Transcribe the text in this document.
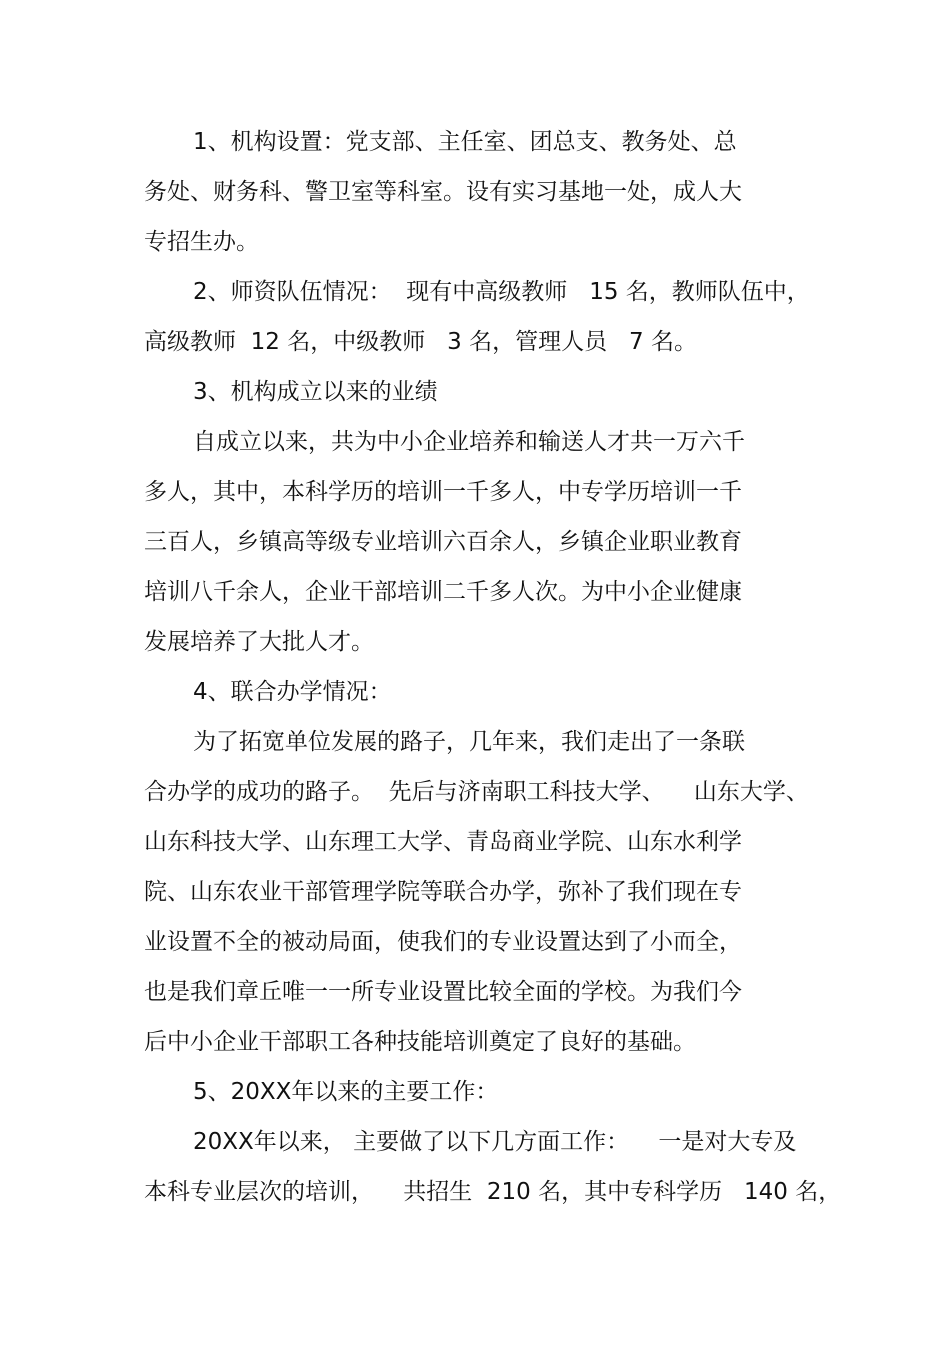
1、机构设置：党支部、主任室、团总支、教务处、总
务处、财务科、警卫室等科室。设有实习基地一处，成人大
专招生办。
2、师资队伍情况：  现有中高级教师   15 名，教师队伍中，
高级教师  12 名，中级教师   3 名，管理人员   7 名。
3、机构成立以来的业绩
自成立以来，共为中小企业培养和输送人才共一万六千
多人，其中，本科学历的培训一千多人，中专学历培训一千
三百人，乡镇高等级专业培训六百余人，乡镇企业职业教育
培训八千余人，企业干部培训二千多人次。为中小企业健康
发展培养了大批人才。
4、联合办学情况：
为了拓宽单位发展的路子，几年来，我们走出了一条联
合办学的成功的路子。  先后与济南职工科技大学、    山东大学、
山东科技大学、山东理工大学、青岛商业学院、山东水利学
院、山东农业干部管理学院等联合办学，弥补了我们现在专
业设置不全的被动局面，使我们的专业设置达到了小而全，
也是我们章丘唯一一所专业设置比较全面的学校。为我们今
后中小企业干部职工各种技能培训奠定了良好的基础。
5、20XX年以来的主要工作：
20XX年以来， 主要做了以下几方面工作：    一是对大专及
本科专业层次的培训，    共招生  210 名，其中专科学历   140 名，
